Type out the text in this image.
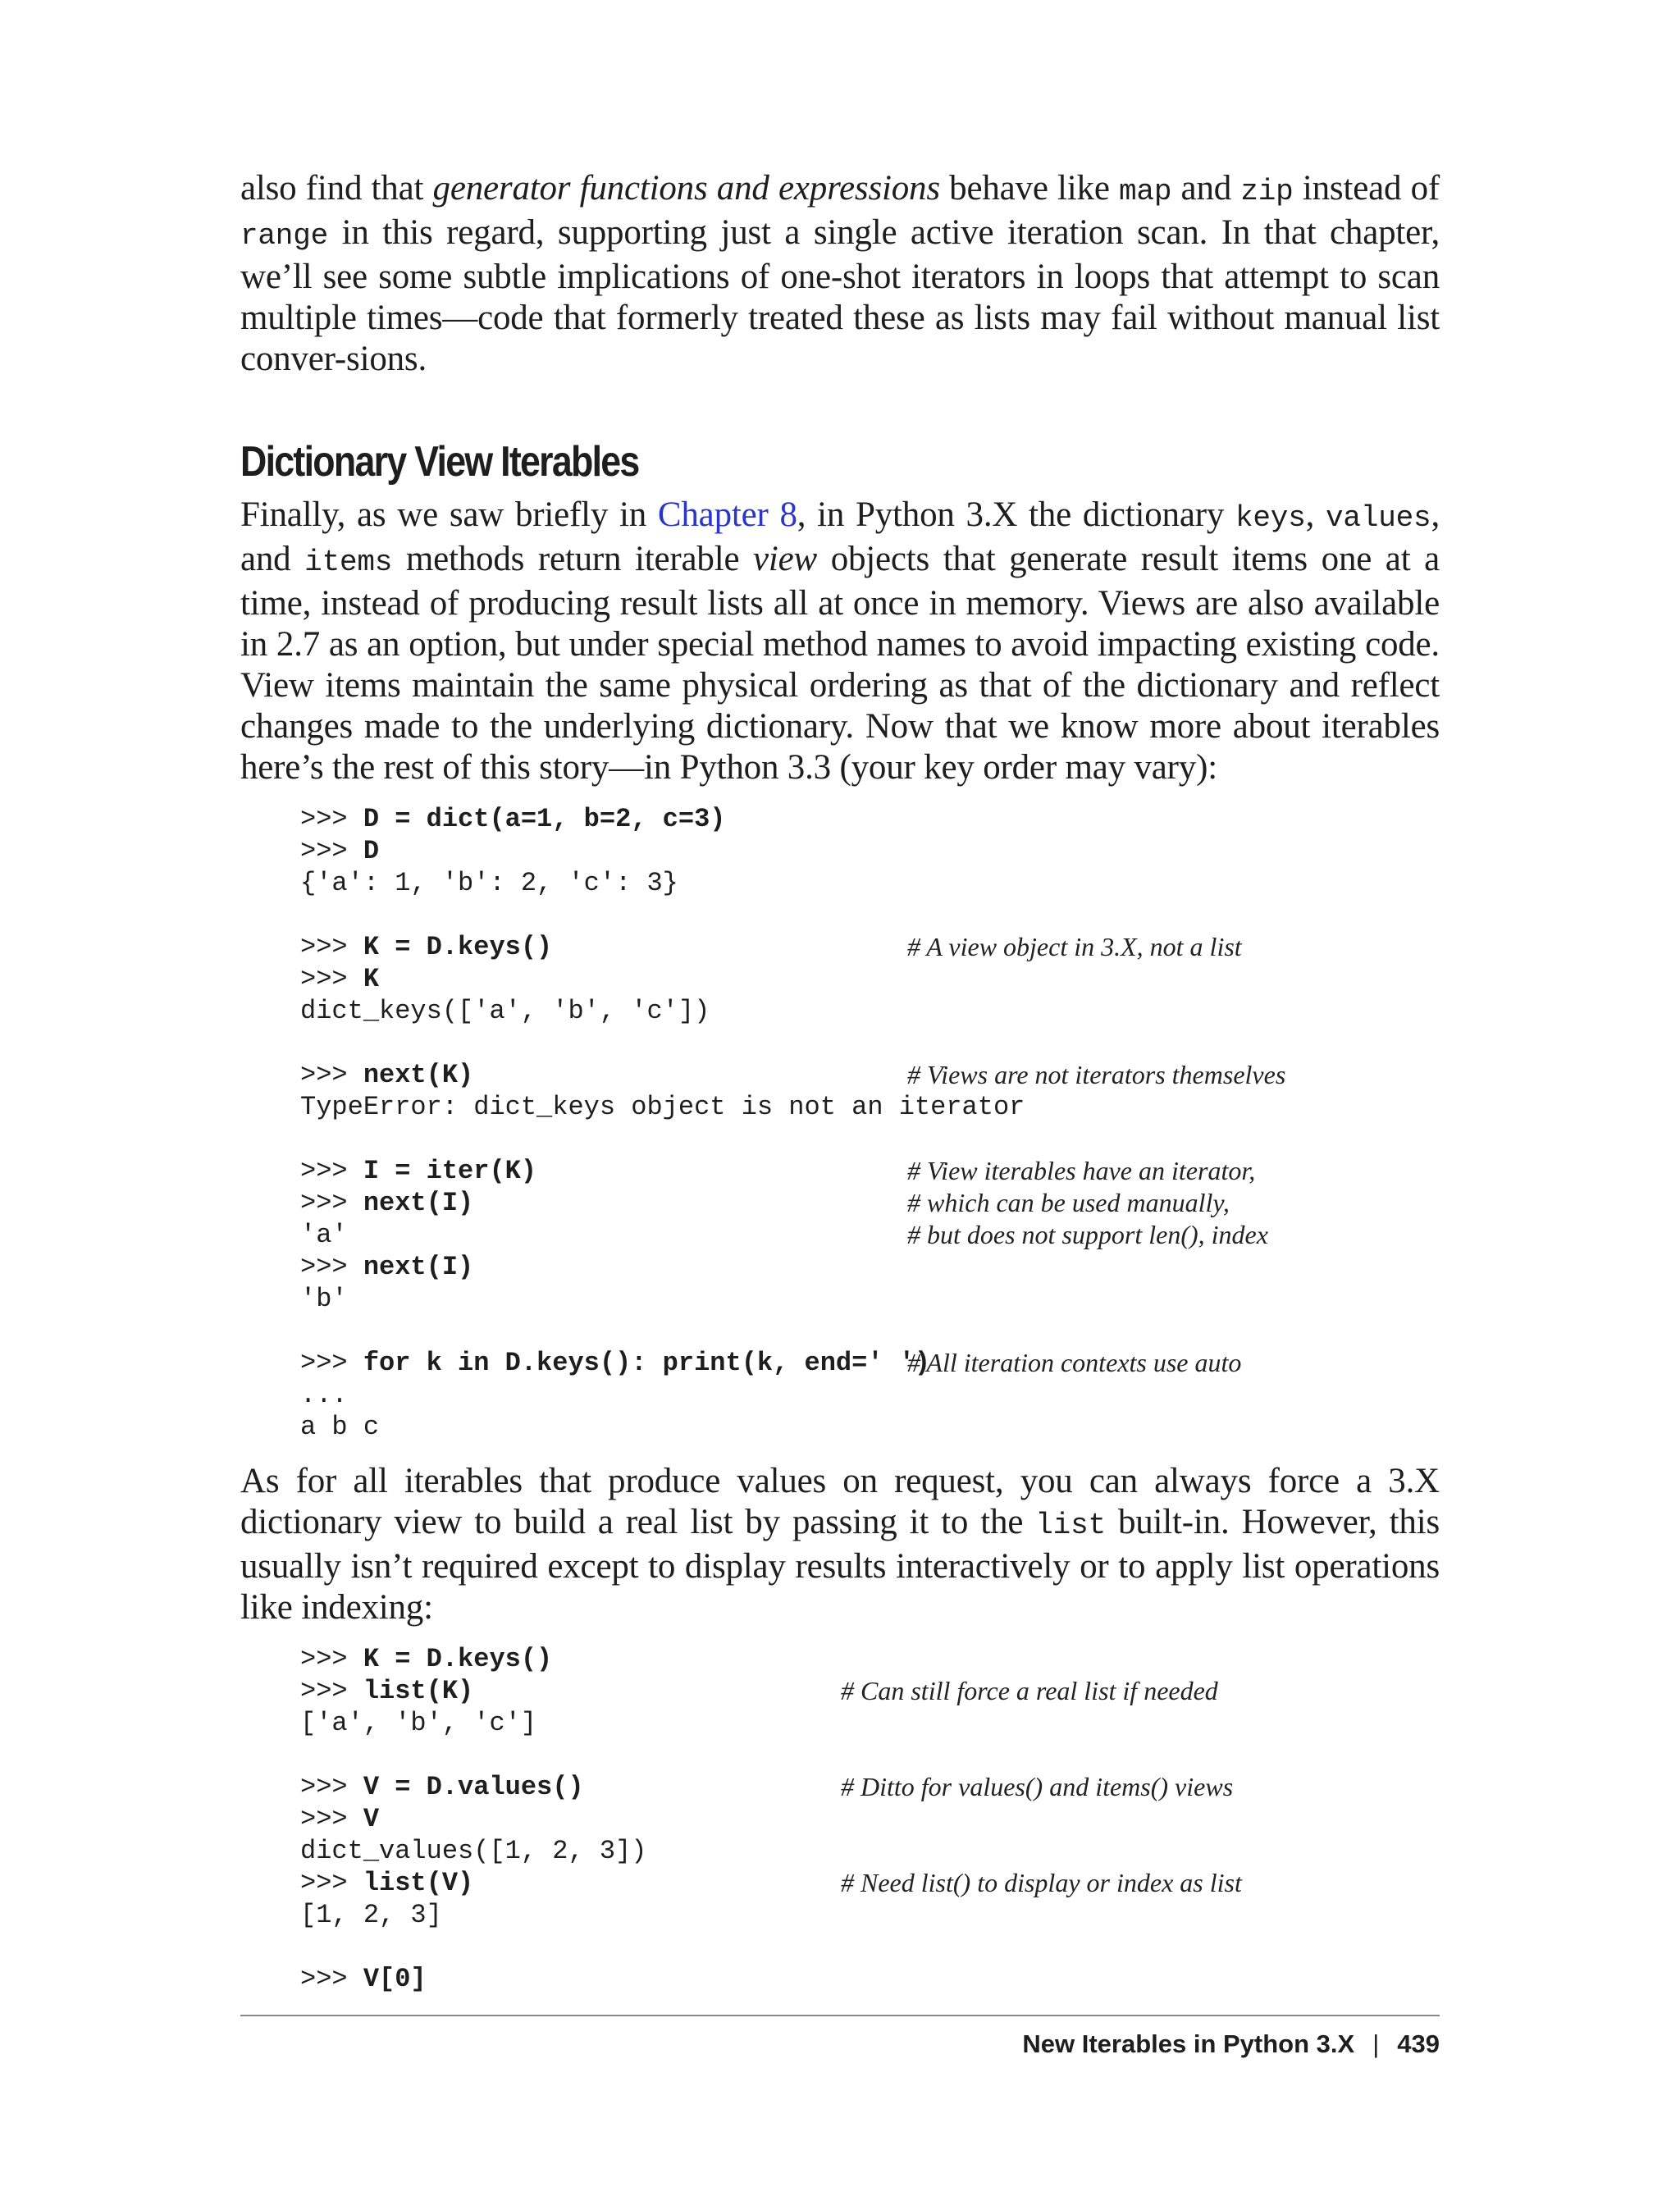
also find that generator functions and expressions behave like map and zip instead of range in this regard, supporting just a single active iteration scan. In that chapter, we’ll see some subtle implications of one-shot iterators in loops that attempt to scan multiple times—code that formerly treated these as lists may fail without manual list conver-sions.

Dictionary View Iterables

Finally, as we saw briefly in Chapter 8, in Python 3.X the dictionary keys, values, and items methods return iterable view objects that generate result items one at a time, instead of producing result lists all at once in memory. Views are also available in 2.7 as an option, but under special method names to avoid impacting existing code. View items maintain the same physical ordering as that of the dictionary and reflect changes made to the underlying dictionary. Now that we know more about iterables here’s the rest of this story—in Python 3.3 (your key order may vary):

>>> D = dict(a=1, b=2, c=3)
>>> D
{'a': 1, 'b': 2, 'c': 3}
>>> K = D.keys()	# A view object in 3.X, not a list
>>> K
dict_keys(['a', 'b', 'c'])
>>> next(K)	# Views are not iterators themselves
TypeError: dict_keys object is not an iterator
>>> I = iter(K)	# View iterables have an iterator,
>>> next(I)	# which can be used manually,
'a'	# but does not support len(), index
>>> next(I)
'b'
>>> for k in D.keys(): print(k, end=' ')
# All iteration contexts use auto
...
a b c

As for all iterables that produce values on request, you can always force a 3.X dictionary view to build a real list by passing it to the list built-in. However, this usually isn’t required except to display results interactively or to apply list operations like indexing:

>>> K = D.keys()
>>> list(K)	# Can still force a real list if needed
['a', 'b', 'c']
>>> V = D.values()	# Ditto for values() and items() views
>>> V
dict_values([1, 2, 3])
>>> list(V)	# Need list() to display or index as list
[1, 2, 3]
>>> V[0]
New Iterables in Python 3.X | 439
